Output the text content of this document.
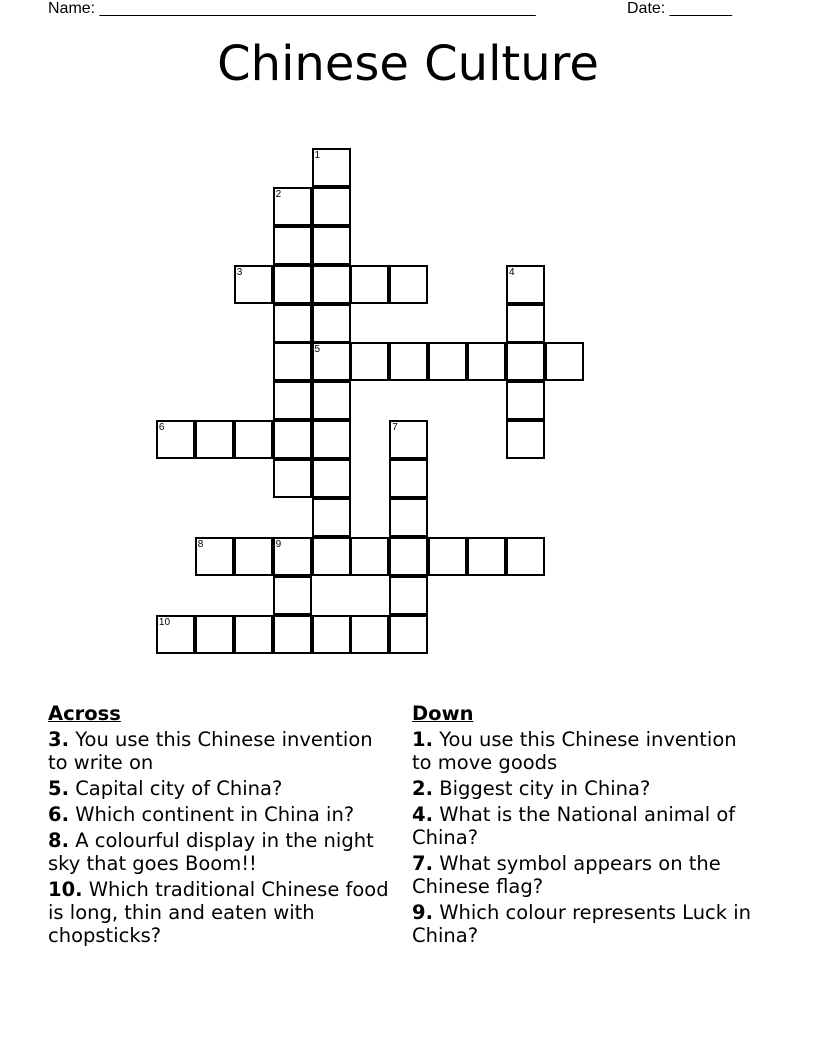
Name: _________________________________________________	Date: _______
Chinese Culture
1
2
3	4
5
6	7
8	9
10
Across
3. You use this Chinese invention to write on
5. Capital city of China?
6. Which continent in China in?
8. A colourful display in the night sky that goes Boom!!
10. Which traditional Chinese food is long, thin and eaten with chopsticks?
Down
1. You use this Chinese invention to move goods
2. Biggest city in China?
4. What is the National animal of China?
7. What symbol appears on the Chinese flag?
9. Which colour represents Luck in China?
